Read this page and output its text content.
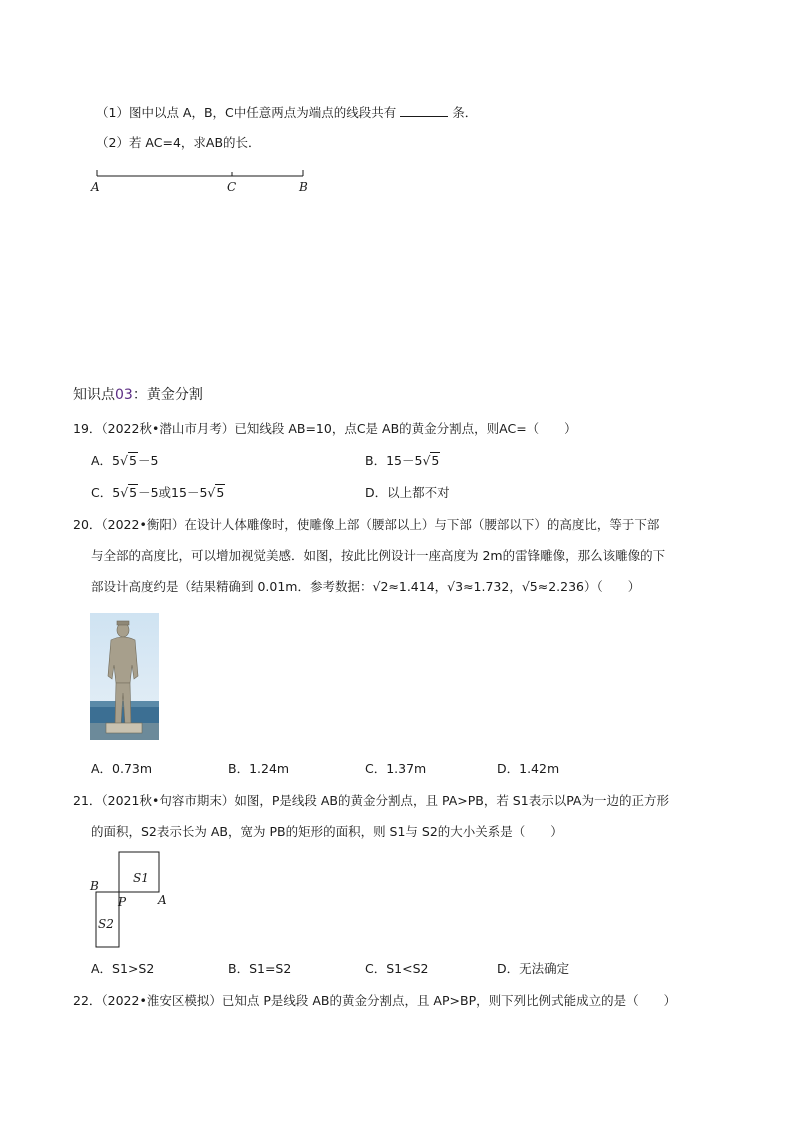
（1）图中以点 A，B，C中任意两点为端点的线段共有	条．
（2）若 AC=4，求AB的长．
A	C	B
知识点03：黄金分割
19．（2022秋•潜山市月考）已知线段 AB=10，点C是 AB的黄金分割点，则AC=（　　）
A．5√5－5	B．15－5√5
C．5√5－5或15－5√5	D．以上都不对
20．（2022•衡阳）在设计人体雕像时，使雕像上部（腰部以上）与下部（腰部以下）的高度比，等于下部
与全部的高度比，可以增加视觉美感．如图，按此比例设计一座高度为 2m的雷锋雕像，那么该雕像的下
部设计高度约是（结果精确到 0.01m．参考数据：√2≈1.414，√3≈1.732，√5≈2.236）（　　）
A．0.73m	B．1.24m	C．1.37m	D．1.42m
21．（2021秋•句容市期末）如图，P是线段 AB的黄金分割点，且 PA>PB，若 S1表示以PA为一边的正方形
的面积，S2表示长为 AB，宽为 PB的矩形的面积，则 S1与 S2的大小关系是（　　）
B
S1
P	A
S2
A．S1>S2	B．S1=S2	C．S1<S2	D．无法确定
22．（2022•淮安区模拟）已知点 P是线段 AB的黄金分割点，且 AP>BP，则下列比例式能成立的是（　　）
